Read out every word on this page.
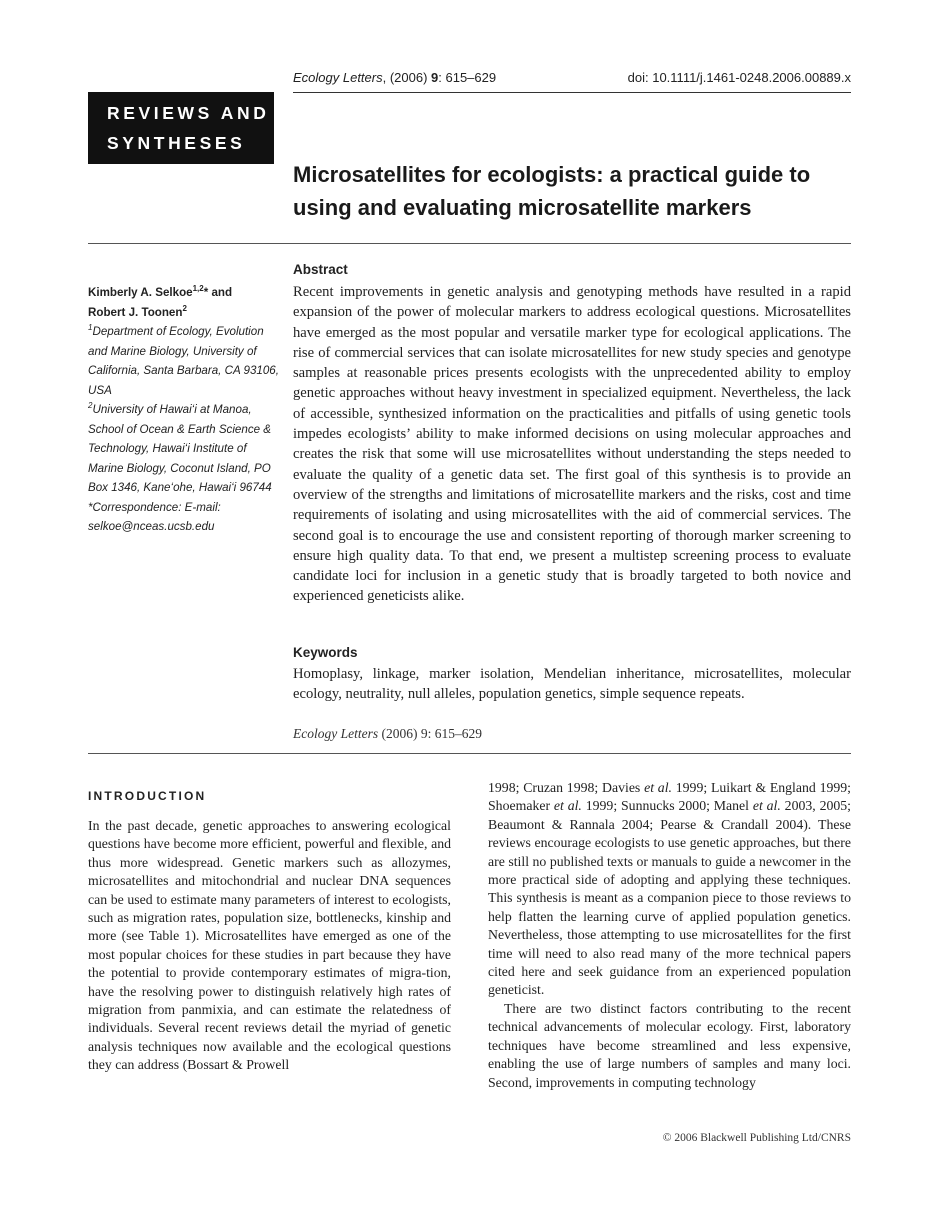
Ecology Letters, (2006) 9: 615–629	doi: 10.1111/j.1461-0248.2006.00889.x
REVIEWS AND
SYNTHESES
Microsatellites for ecologists: a practical guide to
using and evaluating microsatellite markers
Kimberly A. Selkoe$^{1,2}$* and
Robert J. Toonen$^2$
$^1$Department of Ecology, Evolution and Marine Biology, University of California, Santa Barbara, CA 93106, USA
$^2$University of Hawai‘i at Manoa, School of Ocean & Earth Science & Technology, Hawai‘i Institute of Marine Biology, Coconut Island, PO Box 1346, Kane‘ohe, Hawai‘i 96744
*Correspondence: E-mail: selkoe@nceas.ucsb.edu
Abstract
Recent improvements in genetic analysis and genotyping methods have resulted in a rapid expansion of the power of molecular markers to address ecological questions. Microsatellites have emerged as the most popular and versatile marker type for ecological applications. The rise of commercial services that can isolate microsatellites for new study species and genotype samples at reasonable prices presents ecologists with the unprecedented ability to employ genetic approaches without heavy investment in specialized equipment. Nevertheless, the lack of accessible, synthesized information on the practicalities and pitfalls of using genetic tools impedes ecologists’ ability to make informed decisions on using molecular approaches and creates the risk that some will use microsatellites without understanding the steps needed to evaluate the quality of a genetic data set. The first goal of this synthesis is to provide an overview of the strengths and limitations of microsatellite markers and the risks, cost and time requirements of isolating and using microsatellites with the aid of commercial services. The second goal is to encourage the use and consistent reporting of thorough marker screening to ensure high quality data. To that end, we present a multistep screening process to evaluate candidate loci for inclusion in a genetic study that is broadly targeted to both novice and experienced geneticists alike.
Keywords
Homoplasy, linkage, marker isolation, Mendelian inheritance, microsatellites, molecular ecology, neutrality, null alleles, population genetics, simple sequence repeats.
Ecology Letters (2006) 9: 615–629
INTRODUCTION

In the past decade, genetic approaches to answering ecological questions have become more efficient, powerful and flexible, and thus more widespread. Genetic markers such as allozymes, microsatellites and mitochondrial and nuclear DNA sequences can be used to estimate many parameters of interest to ecologists, such as migration rates, population size, bottlenecks, kinship and more (see Table 1). Microsatellites have emerged as one of the most popular choices for these studies in part because they have the potential to provide contemporary estimates of migra-tion, have the resolving power to distinguish relatively high rates of migration from panmixia, and can estimate the relatedness of individuals. Several recent reviews detail the myriad of genetic analysis techniques now available and the ecological questions they can address (Bossart & Prowell

1998; Cruzan 1998; Davies et al. 1999; Luikart & England 1999; Shoemaker et al. 1999; Sunnucks 2000; Manel et al. 2003, 2005; Beaumont & Rannala 2004; Pearse & Crandall 2004). These reviews encourage ecologists to use genetic approaches, but there are still no published texts or manuals to guide a newcomer in the more practical side of adopting and applying these techniques. This synthesis is meant as a companion piece to those reviews to help flatten the learning curve of applied population genetics. Nevertheless, those attempting to use microsatellites for the first time will need to also read many of the more technical papers cited here and seek guidance from an experienced population geneticist.

There are two distinct factors contributing to the recent technical advancements of molecular ecology. First, laboratory techniques have become streamlined and less expensive, enabling the use of large numbers of samples and many loci. Second, improvements in computing technology

© 2006 Blackwell Publishing Ltd/CNRS
